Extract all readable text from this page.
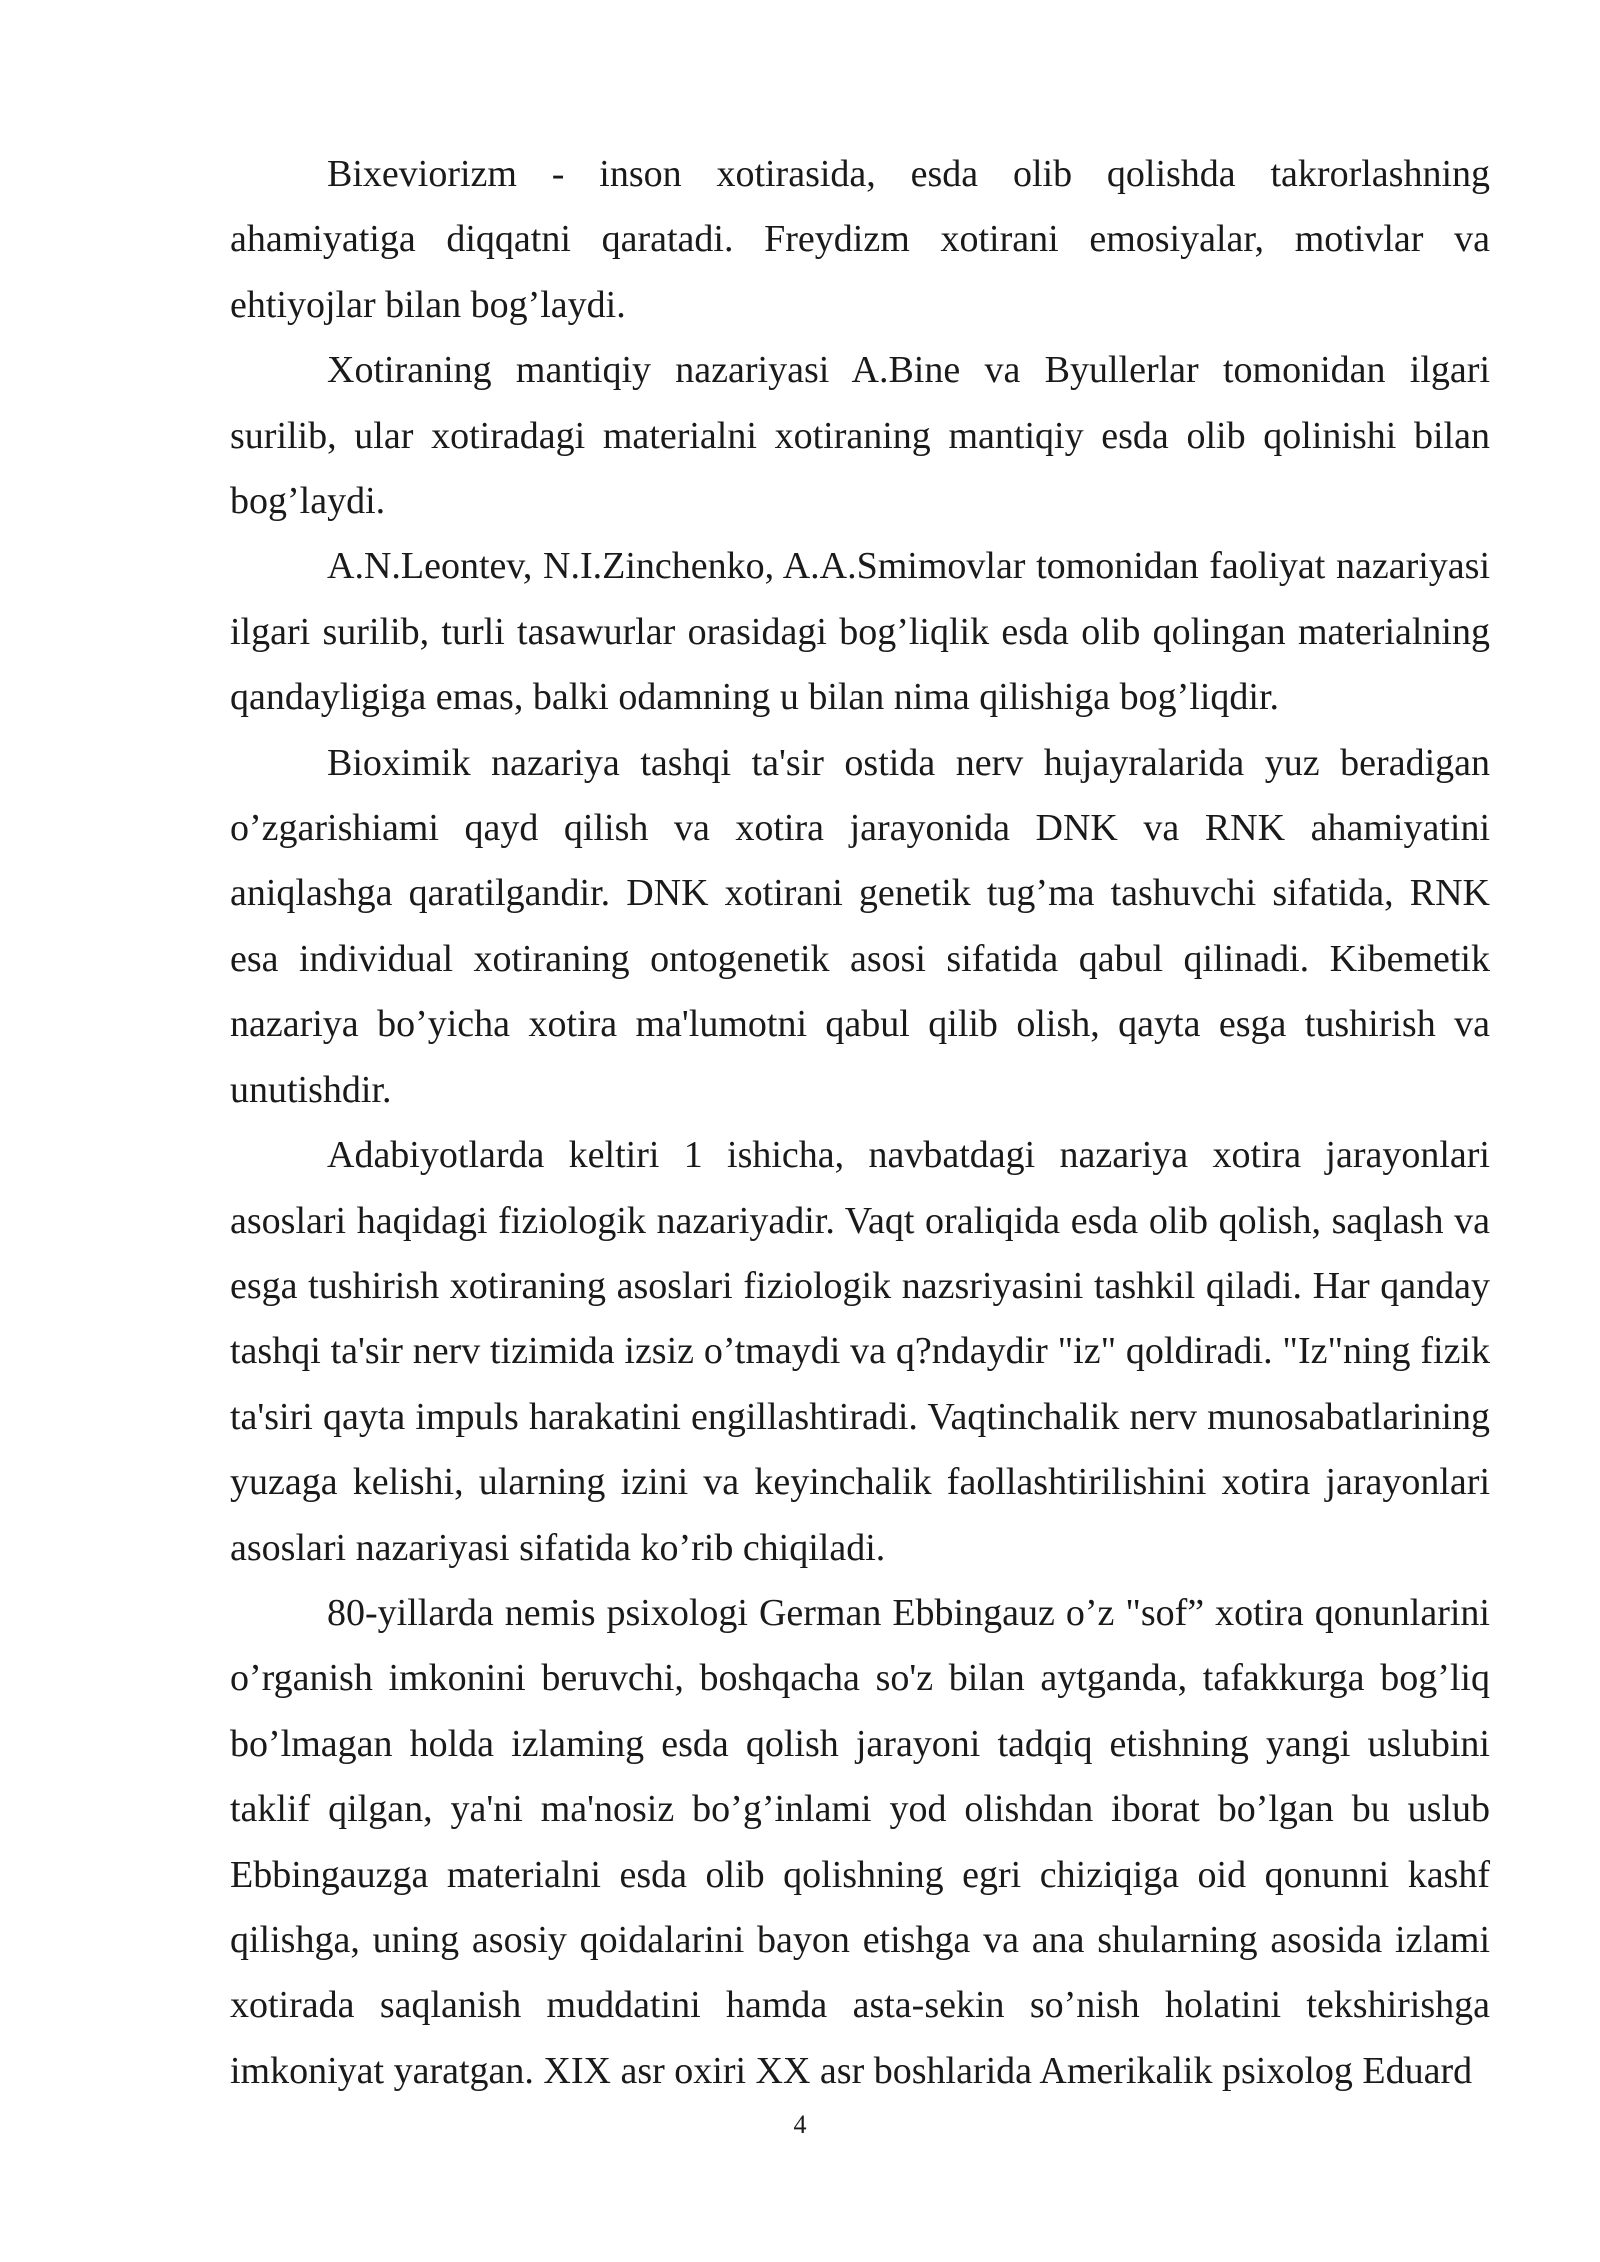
Bixeviorizm - inson xotirasida, esda olib qolishda takrorlashning ahamiyatiga diqqatni qaratadi. Freydizm xotirani emosiyalar, motivlar va ehtiyojlar bilan bog’laydi.

Xotiraning mantiqiy nazariyasi A.Bine va Byullerlar tomonidan ilgari surilib, ular xotiradagi materialni xotiraning mantiqiy esda olib qolinishi bilan bog’laydi.

A.N.Leontev, N.I.Zinchenko, A.A.Smimovlar tomonidan faoliyat nazariyasi ilgari surilib, turli tasawurlar orasidagi bog’liqlik esda olib qolingan materialning qandayligiga emas, balki odamning u bilan nima qilishiga bog’liqdir.

Bioximik nazariya tashqi ta'sir ostida nerv hujayralarida yuz beradigan o’zgarishiami qayd qilish va xotira jarayonida DNK va RNK ahamiyatini aniqlashga qaratilgandir. DNK xotirani genetik tug’ma tashuvchi sifatida, RNK esa individual xotiraning ontogenetik asosi sifatida qabul qilinadi. Kibemetik nazariya bo’yicha xotira ma'lumotni qabul qilib olish, qayta esga tushirish va unutishdir.

Adabiyotlarda keltiri 1 ishicha, navbatdagi nazariya xotira jarayonlari asoslari haqidagi fiziologik nazariyadir. Vaqt oraliqida esda olib qolish, saqlash va esga tushirish xotiraning asoslari fiziologik nazsriyasini tashkil qiladi. Har qanday tashqi ta'sir nerv tizimida izsiz o’tmaydi va q?ndaydir "iz" qoldiradi. "Iz"ning fizik ta'siri qayta impuls harakatini engillashtiradi. Vaqtinchalik nerv munosabatlarining yuzaga kelishi, ularning izini va keyinchalik faollashtirilishini xotira jarayonlari asoslari nazariyasi sifatida ko’rib chiqiladi.

80-yillarda nemis psixologi German Ebbingauz o’z "sof” xotira qonunlarini o’rganish imkonini beruvchi, boshqacha so'z bilan aytganda, tafakkurga bog’liq bo’lmagan holda izlaming esda qolish jarayoni tadqiq etishning yangi uslubini taklif qilgan, ya'ni ma'nosiz bo’g’inlami yod olishdan iborat bo’lgan bu uslub Ebbingauzga materialni esda olib qolishning egri chiziqiga oid qonunni kashf qilishga, uning asosiy qoidalarini bayon etishga va ana shularning asosida izlami xotirada saqlanish muddatini hamda asta-sekin so’nish holatini tekshirishga imkoniyat yaratgan. XIX asr oxiri XX asr boshlarida Amerikalik psixolog Eduard

4
